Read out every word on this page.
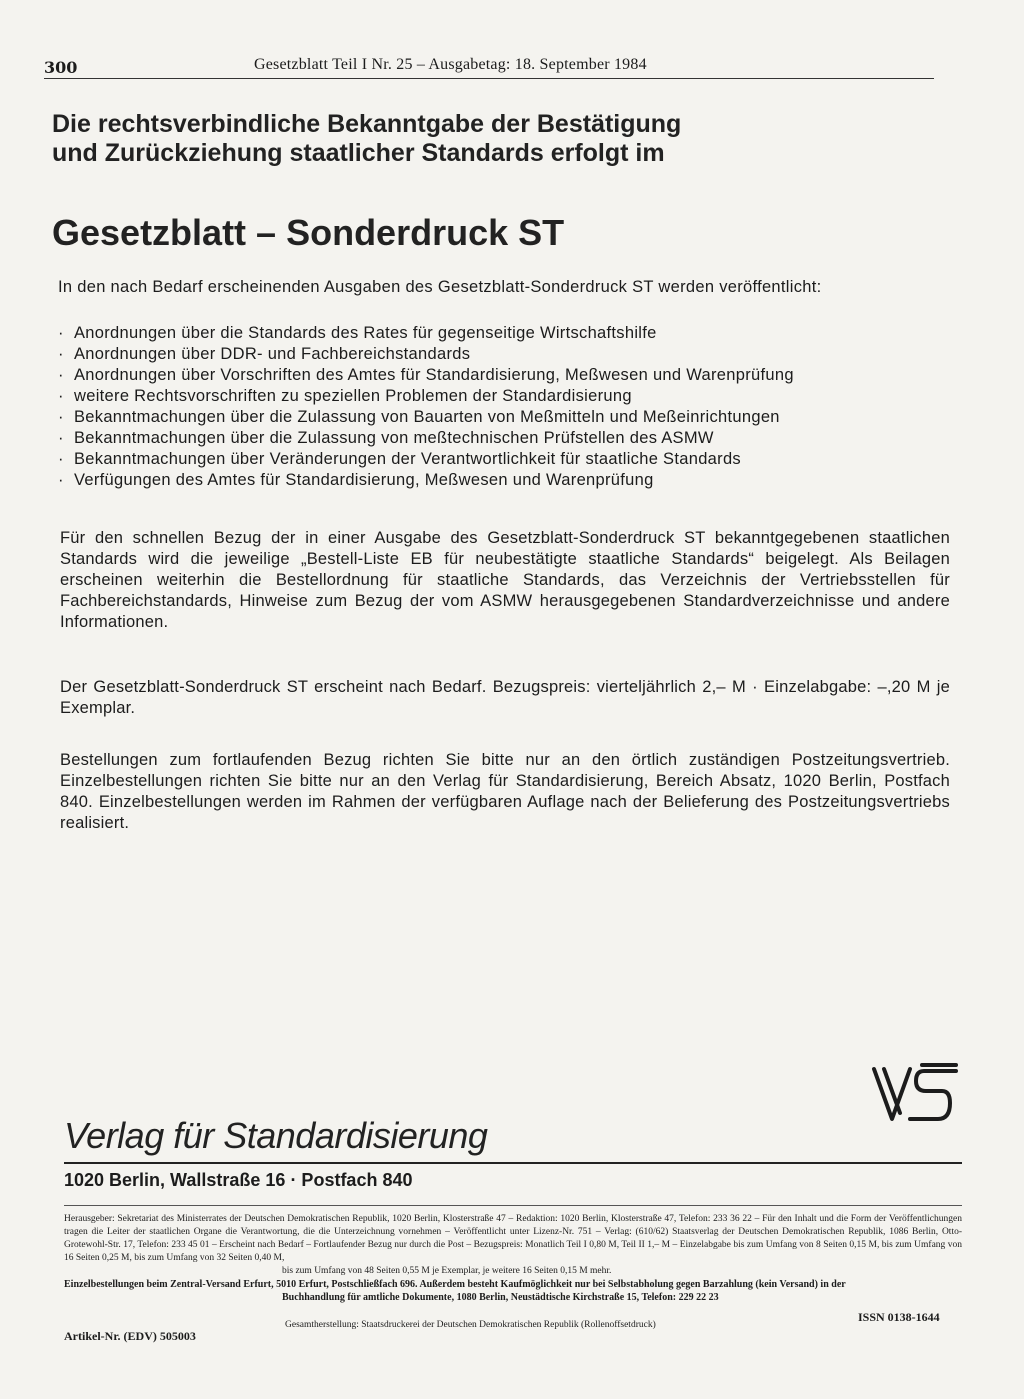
300	Gesetzblatt Teil I Nr. 25 – Ausgabetag: 18. September 1984
Die rechtsverbindliche Bekanntgabe der Bestätigung und Zurückziehung staatlicher Standards erfolgt im
Gesetzblatt – Sonderdruck ST
In den nach Bedarf erscheinenden Ausgaben des Gesetzblatt-Sonderdruck ST werden veröffentlicht:
· Anordnungen über die Standards des Rates für gegenseitige Wirtschaftshilfe
· Anordnungen über DDR- und Fachbereichstandards
· Anordnungen über Vorschriften des Amtes für Standardisierung, Meßwesen und Warenprüfung
· weitere Rechtsvorschriften zu speziellen Problemen der Standardisierung
· Bekanntmachungen über die Zulassung von Bauarten von Meßmitteln und Meßeinrichtungen
· Bekanntmachungen über die Zulassung von meßtechnischen Prüfstellen des ASMW
· Bekanntmachungen über Veränderungen der Verantwortlichkeit für staatliche Standards
· Verfügungen des Amtes für Standardisierung, Meßwesen und Warenprüfung

Für den schnellen Bezug der in einer Ausgabe des Gesetzblatt-Sonderdruck ST bekanntgegebenen staatlichen Standards wird die jeweilige „Bestell-Liste EB für neubestätigte staatliche Standards“ beigelegt. Als Beilagen erscheinen weiterhin die Bestellordnung für staatliche Standards, das Verzeichnis der Vertriebsstellen für Fachbereichstandards, Hinweise zum Bezug der vom ASMW herausgegebenen Standardverzeichnisse und andere Informationen.

Der Gesetzblatt-Sonderdruck ST erscheint nach Bedarf. Bezugspreis: vierteljährlich 2,– M · Einzelabgabe: –,20 M je Exemplar.

Bestellungen zum fortlaufenden Bezug richten Sie bitte nur an den örtlich zuständigen Postzeitungsvertrieb. Einzelbestellungen richten Sie bitte nur an den Verlag für Standardisierung, Bereich Absatz, 1020 Berlin, Postfach 840. Einzelbestellungen werden im Rahmen der verfügbaren Auflage nach der Belieferung des Postzeitungsvertriebs realisiert.

Verlag für Standardisierung
1020 Berlin, Wallstraße 16 · Postfach 840
Herausgeber: Sekretariat des Ministerrates der Deutschen Demokratischen Republik, 1020 Berlin, Klosterstraße 47 – Redaktion: 1020 Berlin, Klosterstraße 47, Telefon: 233 36 22 – Für den Inhalt und die Form der Veröffentlichungen tragen die Leiter der staatlichen Organe die Verantwortung, die die Unterzeichnung vornehmen – Veröffentlicht unter Lizenz-Nr. 751 – Verlag: (610/62) Staatsverlag der Deutschen Demokratischen Republik, 1086 Berlin, Otto-Grotewohl-Str. 17, Telefon: 233 45 01 – Erscheint nach Bedarf – Fortlaufender Bezug nur durch die Post – Bezugspreis: Monatlich Teil I 0,80 M, Teil II 1,– M – Einzelabgabe bis zum Umfang von 8 Seiten 0,15 M, bis zum Umfang von 16 Seiten 0,25 M, bis zum Umfang von 32 Seiten 0,40 M,
bis zum Umfang von 48 Seiten 0,55 M je Exemplar, je weitere 16 Seiten 0,15 M mehr.
Einzelbestellungen beim Zentral-Versand Erfurt, 5010 Erfurt, Postschließfach 696. Außerdem besteht Kaufmöglichkeit nur bei Selbstabholung gegen Barzahlung (kein Versand) in der
Buchhandlung für amtliche Dokumente, 1080 Berlin, Neustädtische Kirchstraße 15, Telefon: 229 22 23
Gesamtherstellung: Staatsdruckerei der Deutschen Demokratischen Republik (Rollenoffsetdruck)
Artikel-Nr. (EDV) 505003
ISSN 0138-1644
